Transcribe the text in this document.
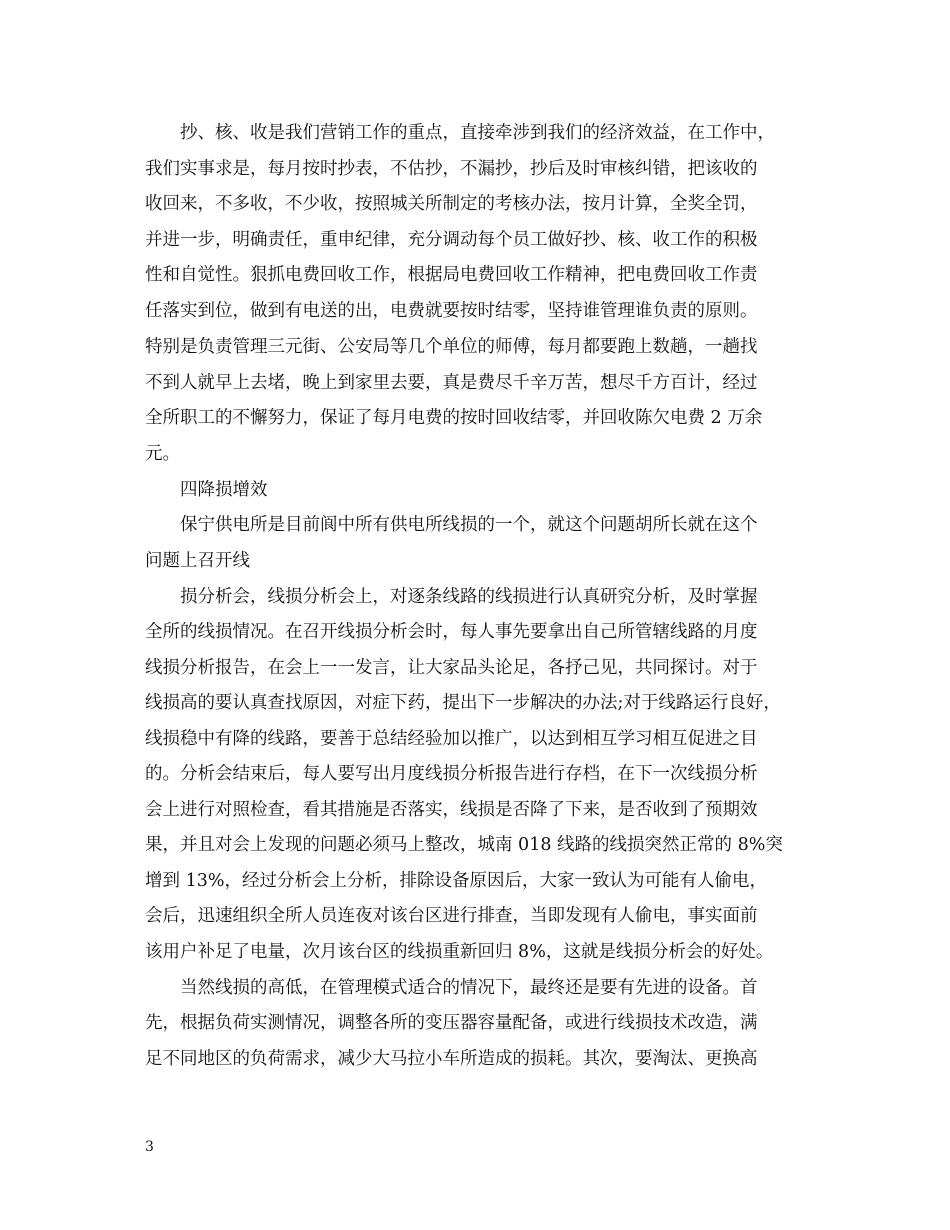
抄、核、收是我们营销工作的重点，直接牵涉到我们的经济效益，在工作中，
我们实事求是，每月按时抄表，不估抄，不漏抄，抄后及时审核纠错，把该收的
收回来，不多收，不少收，按照城关所制定的考核办法，按月计算，全奖全罚，
并进一步，明确责任，重申纪律，充分调动每个员工做好抄、核、收工作的积极
性和自觉性。狠抓电费回收工作，根据局电费回收工作精神，把电费回收工作责
任落实到位，做到有电送的出，电费就要按时结零，坚持谁管理谁负责的原则。
特别是负责管理三元街、公安局等几个单位的师傅，每月都要跑上数趟，一趟找
不到人就早上去堵，晚上到家里去要，真是费尽千辛万苦，想尽千方百计，经过
全所职工的不懈努力，保证了每月电费的按时回收结零，并回收陈欠电费 2 万余
元。
四降损增效
保宁供电所是目前阆中所有供电所线损的一个，就这个问题胡所长就在这个
问题上召开线
损分析会，线损分析会上，对逐条线路的线损进行认真研究分析，及时掌握
全所的线损情况。在召开线损分析会时，每人事先要拿出自己所管辖线路的月度
线损分析报告，在会上一一发言，让大家品头论足，各抒己见，共同探讨。对于
线损高的要认真查找原因，对症下药，提出下一步解决的办法;对于线路运行良好，
线损稳中有降的线路，要善于总结经验加以推广，以达到相互学习相互促进之目
的。分析会结束后，每人要写出月度线损分析报告进行存档，在下一次线损分析
会上进行对照检查，看其措施是否落实，线损是否降了下来，是否收到了预期效
果，并且对会上发现的问题必须马上整改，城南 018 线路的线损突然正常的 8%突
增到 13%，经过分析会上分析，排除设备原因后，大家一致认为可能有人偷电，
会后，迅速组织全所人员连夜对该台区进行排查，当即发现有人偷电，事实面前
该用户补足了电量，次月该台区的线损重新回归 8%，这就是线损分析会的好处。
当然线损的高低，在管理模式适合的情况下，最终还是要有先进的设备。首
先，根据负荷实测情况，调整各所的变压器容量配备，或进行线损技术改造，满
足不同地区的负荷需求，减少大马拉小车所造成的损耗。其次，要淘汰、更换高
3
